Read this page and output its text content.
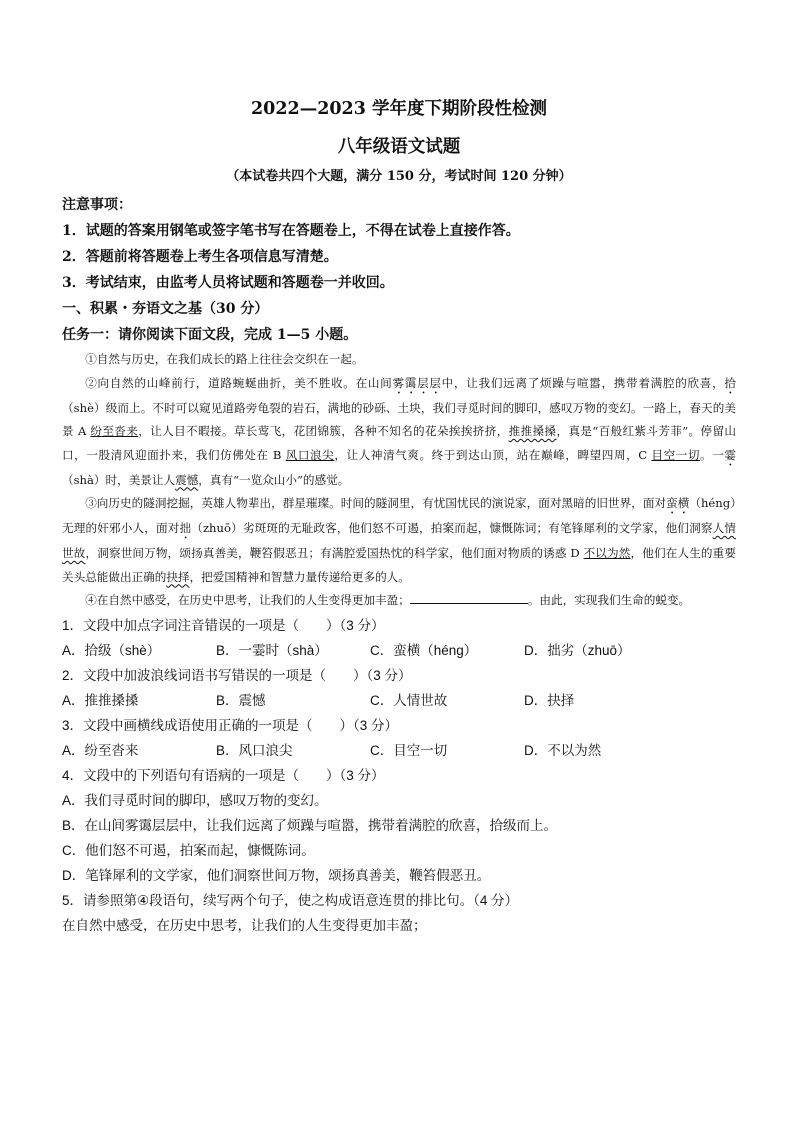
2022—2023 学年度下期阶段性检测
八年级语文试题
（本试卷共四个大题，满分 150 分，考试时间 120 分钟）
注意事项：
1．试题的答案用钢笔或签字笔书写在答题卷上，不得在试卷上直接作答。
2．答题前将答题卷上考生各项信息写清楚。
3．考试结束，由监考人员将试题和答题卷一并收回。
一、积累・夯语文之基（30 分）
任务一：请你阅读下面文段，完成 1—5 小题。

①自然与历史，在我们成长的路上往往会交织在一起。

②向自然的山峰前行，道路蜿蜒曲折，美不胜收。在山间雾霭层层中，让我们远离了烦躁与喧嚣，携带着满腔的欣喜，拾（shè）级而上。不时可以窥见道路旁龟裂的岩石，满地的砂砾、土块，我们寻觅时间的脚印，感叹万物的变幻。一路上，春天的美景 A 纷至沓来，让人目不暇接。草长莺飞，花团锦簇，各种不知名的花朵挨挨挤挤，推推搡搡，真是“百般红紫斗芳菲”。停留山口，一股清风迎面扑来，我们仿佛处在 B 风口浪尖，让人神清气爽。终于到达山顶，站在巅峰，睥望四周，C 目空一切。一霎（shà）时，美景让人震憾，真有“一览众山小”的感觉。

③向历史的隧洞挖掘，英雄人物辈出，群星璀璨。时间的隧洞里，有忧国忧民的演说家，面对黑暗的旧世界，面对蛮横（héng）无理的奸邪小人，面对拙（zhuō）劣斑斑的无耻政客，他们怒不可遏，拍案而起，慷慨陈词；有笔锋犀利的文学家，他们洞察人情世故，洞察世间万物，颂扬真善美，鞭笞假恶丑；有满腔爱国热忱的科学家，他们面对物质的诱惑 D 不以为然，他们在人生的重要关头总能做出正确的抉择，把爱国精神和智慧力量传递给更多的人。

④在自然中感受，在历史中思考，让我们的人生变得更加丰盈；	。由此，实现我们生命的蜕变。

1．文段中加点字词注音错误的一项是（　　）（3 分）
A．拾级（shè）	B．一霎时（shà）	C．蛮横（héng）	D．拙劣（zhuō）
2．文段中加波浪线词语书写错误的一项是（　　）（3 分）
A．推推搡搡	B．震憾	C．人情世故	D．抉择
3．文段中画横线成语使用正确的一项是（　　）（3 分）
A．纷至沓来	B．风口浪尖	C．目空一切	D．不以为然
4．文段中的下列语句有语病的一项是（　　）（3 分）
A．我们寻觅时间的脚印，感叹万物的变幻。
B．在山间雾霭层层中，让我们远离了烦躁与喧嚣，携带着满腔的欣喜，拾级而上。
C．他们怒不可遏，拍案而起，慷慨陈词。
D．笔锋犀利的文学家，他们洞察世间万物，颂扬真善美，鞭笞假恶丑。
5．请参照第④段语句，续写两个句子，使之构成语意连贯的排比句。（4 分）
在自然中感受，在历史中思考，让我们的人生变得更加丰盈；
